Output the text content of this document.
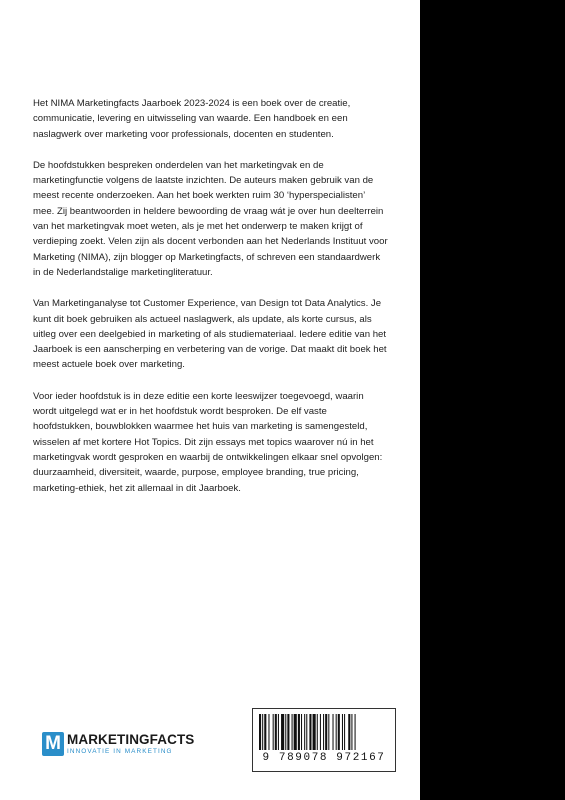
Het NIMA Marketingfacts Jaarboek 2023-2024 is een boek over de creatie, communicatie, levering en uitwisseling van waarde. Een handboek en een naslagwerk over marketing voor professionals, docenten en studenten.

De hoofdstukken bespreken onderdelen van het marketingvak en de marketingfunctie volgens de laatste inzichten. De auteurs maken gebruik van de meest recente onderzoeken. Aan het boek werkten ruim 30 ‘hyperspecialisten’ mee. Zij beantwoorden in heldere bewoording de vraag wát je over hun deelterrein van het marketingvak moet weten, als je met het onderwerp te maken krijgt of verdieping zoekt. Velen zijn als docent verbonden aan het Nederlands Instituut voor Marketing (NIMA), zijn blogger op Marketingfacts, of schreven een standaardwerk in de Nederlandstalige marketingliteratuur.

Van Marketinganalyse tot Customer Experience, van Design tot Data Analytics. Je kunt dit boek gebruiken als actueel naslagwerk, als update, als korte cursus, als uitleg over een deelgebied in marketing of als studiemateriaal. Iedere editie van het Jaarboek is een aanscherping en verbetering van de vorige. Dat maakt dit boek het meest actuele boek over marketing.

Voor ieder hoofdstuk is in deze editie een korte leeswijzer toegevoegd, waarin wordt uitgelegd wat er in het hoofdstuk wordt besproken. De elf vaste hoofdstukken, bouwblokken waarmee het huis van marketing is samengesteld, wisselen af met kortere Hot Topics. Dit zijn essays met topics waarover nú in het marketingvak wordt gesproken en waarbij de ontwikkelingen elkaar snel opvolgen: duurzaamheid, diversiteit, waarde, purpose, employee branding, true pricing, marketing-ethiek, het zit allemaal in dit Jaarboek.

M MARKETINGFACTS
INNOVATIE IN MARKETING
9 789078 972167
